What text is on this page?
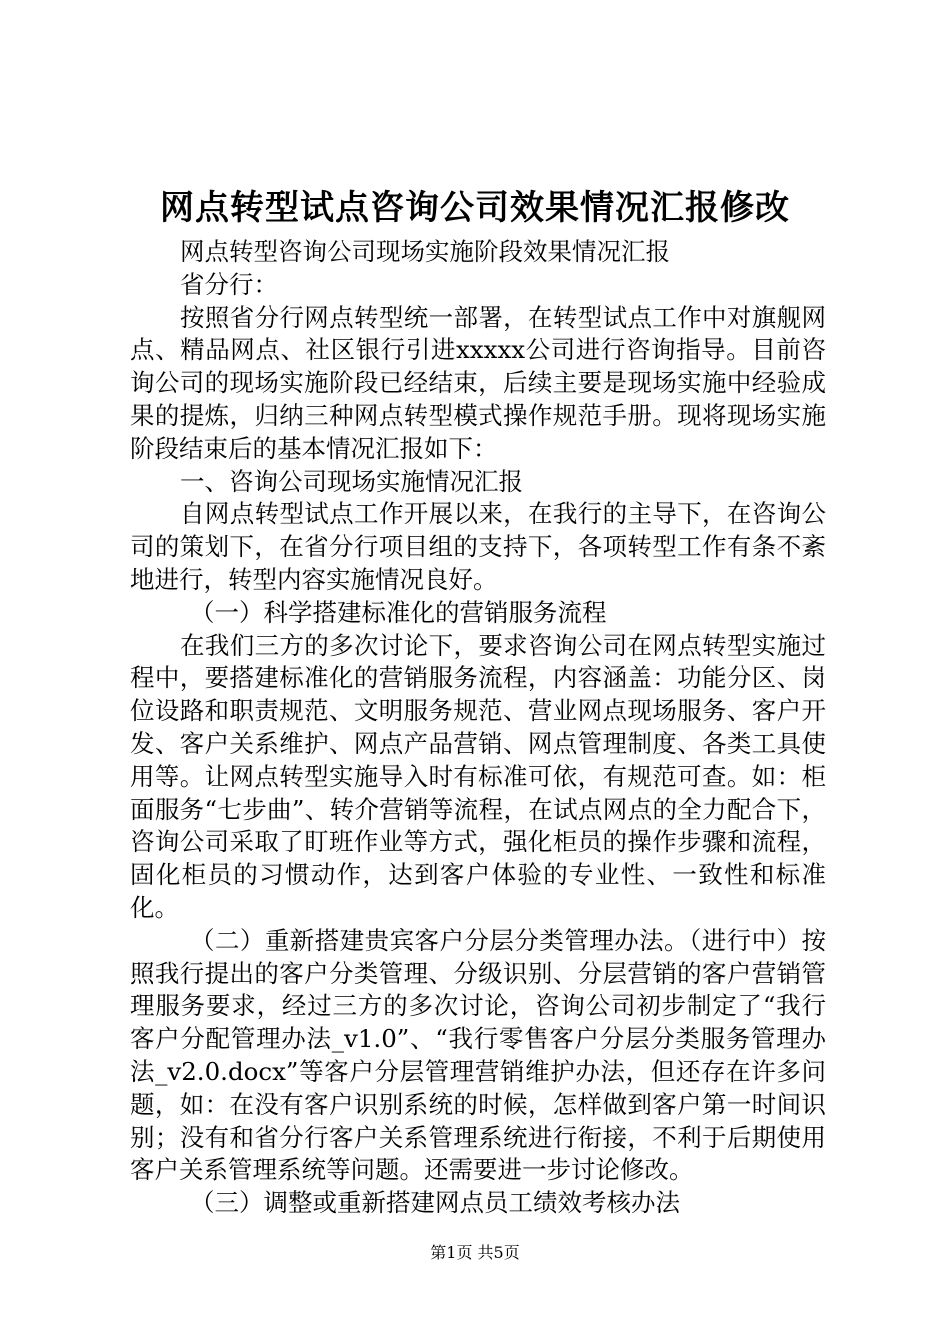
网点转型试点咨询公司效果情况汇报修改

网点转型咨询公司现场实施阶段效果情况汇报

省分行：

按照省分行网点转型统一部署，在转型试点工作中对旗舰网点、精品网点、社区银行引进xxxxx公司进行咨询指导。目前咨询公司的现场实施阶段已经结束，后续主要是现场实施中经验成果的提炼，归纳三种网点转型模式操作规范手册。现将现场实施阶段结束后的基本情况汇报如下：

一、咨询公司现场实施情况汇报

自网点转型试点工作开展以来，在我行的主导下，在咨询公司的策划下，在省分行项目组的支持下，各项转型工作有条不紊地进行，转型内容实施情况良好。

（一）科学搭建标准化的营销服务流程

在我们三方的多次讨论下，要求咨询公司在网点转型实施过程中，要搭建标准化的营销服务流程，内容涵盖：功能分区、岗位设路和职责规范、文明服务规范、营业网点现场服务、客户开发、客户关系维护、网点产品营销、网点管理制度、各类工具使用等。让网点转型实施导入时有标准可依，有规范可查。如：柜面服务“七步曲”、转介营销等流程，在试点网点的全力配合下，咨询公司采取了盯班作业等方式，强化柜员的操作步骤和流程，固化柜员的习惯动作，达到客户体验的专业性、一致性和标准化。

（二）重新搭建贵宾客户分层分类管理办法。（进行中）按照我行提出的客户分类管理、分级识别、分层营销的客户营销管理服务要求，经过三方的多次讨论，咨询公司初步制定了“我行客户分配管理办法_v1.0”、“我行零售客户分层分类服务管理办法_v2.0.docx”等客户分层管理营销维护办法，但还存在许多问题，如：在没有客户识别系统的时候，怎样做到客户第一时间识别；没有和省分行客户关系管理系统进行衔接，不利于后期使用客户关系管理系统等问题。还需要进一步讨论修改。

（三）调整或重新搭建网点员工绩效考核办法

第1页 共5页
